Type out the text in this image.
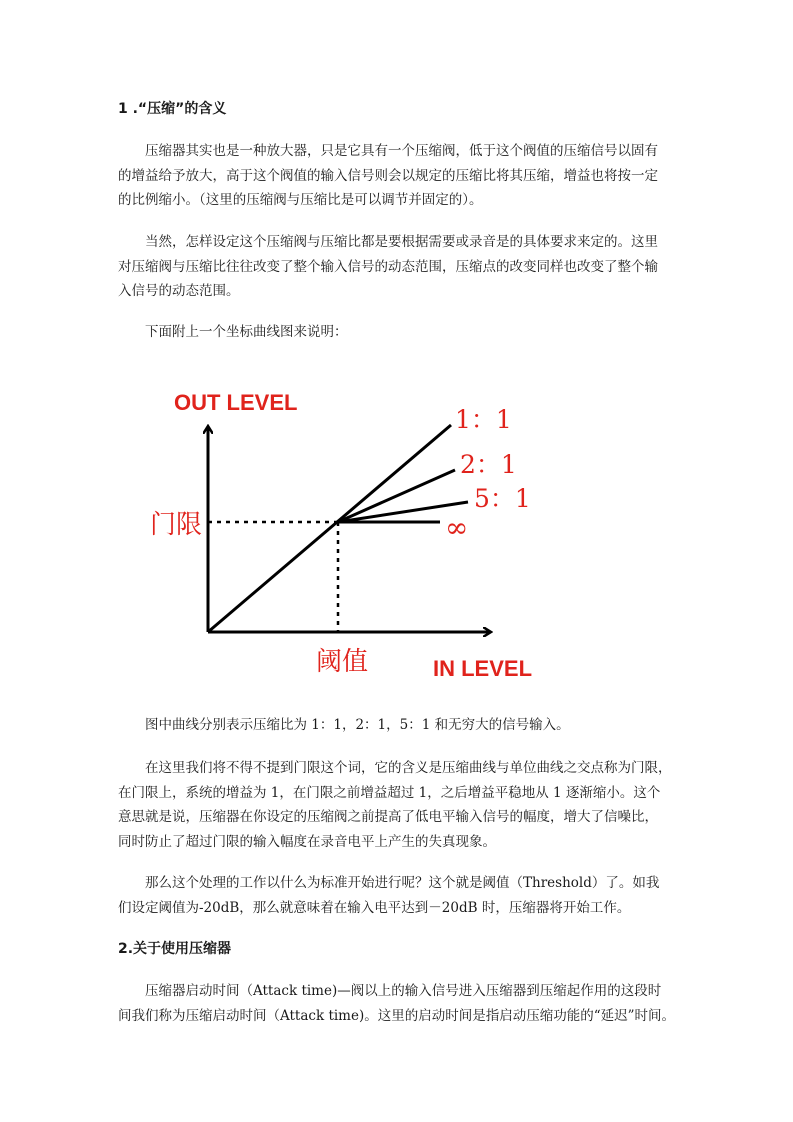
1 .“压缩”的含义
压缩器其实也是一种放大器，只是它具有一个压缩阀，低于这个阀值的压缩信号以固有
的增益给予放大，高于这个阀值的输入信号则会以规定的压缩比将其压缩，增益也将按一定
的比例缩小。（这里的压缩阀与压缩比是可以调节并固定的）。
当然，怎样设定这个压缩阀与压缩比都是要根据需要或录音是的具体要求来定的。这里
对压缩阀与压缩比往往改变了整个输入信号的动态范围，压缩点的改变同样也改变了整个输
入信号的动态范围。
下面附上一个坐标曲线图来说明：
OUT LEVEL
IN LEVEL
门限
阈值
1：1
2：1
5：1
∞
图中曲线分别表示压缩比为 1：1，2：1，5：1 和无穷大的信号输入。
在这里我们将不得不提到门限这个词，它的含义是压缩曲线与单位曲线之交点称为门限，
在门限上，系统的增益为 1，在门限之前增益超过 1，之后增益平稳地从 1 逐渐缩小。这个
意思就是说，压缩器在你设定的压缩阀之前提高了低电平输入信号的幅度，增大了信噪比，
同时防止了超过门限的输入幅度在录音电平上产生的失真现象。
那么这个处理的工作以什么为标准开始进行呢？这个就是阈值（Threshold）了。如我
们设定阈值为-20dB，那么就意味着在输入电平达到－20dB 时，压缩器将开始工作。
2.关于使用压缩器
压缩器启动时间（Attack time)—阀以上的输入信号进入压缩器到压缩起作用的这段时
间我们称为压缩启动时间（Attack time)。这里的启动时间是指启动压缩功能的“延迟”时间。
